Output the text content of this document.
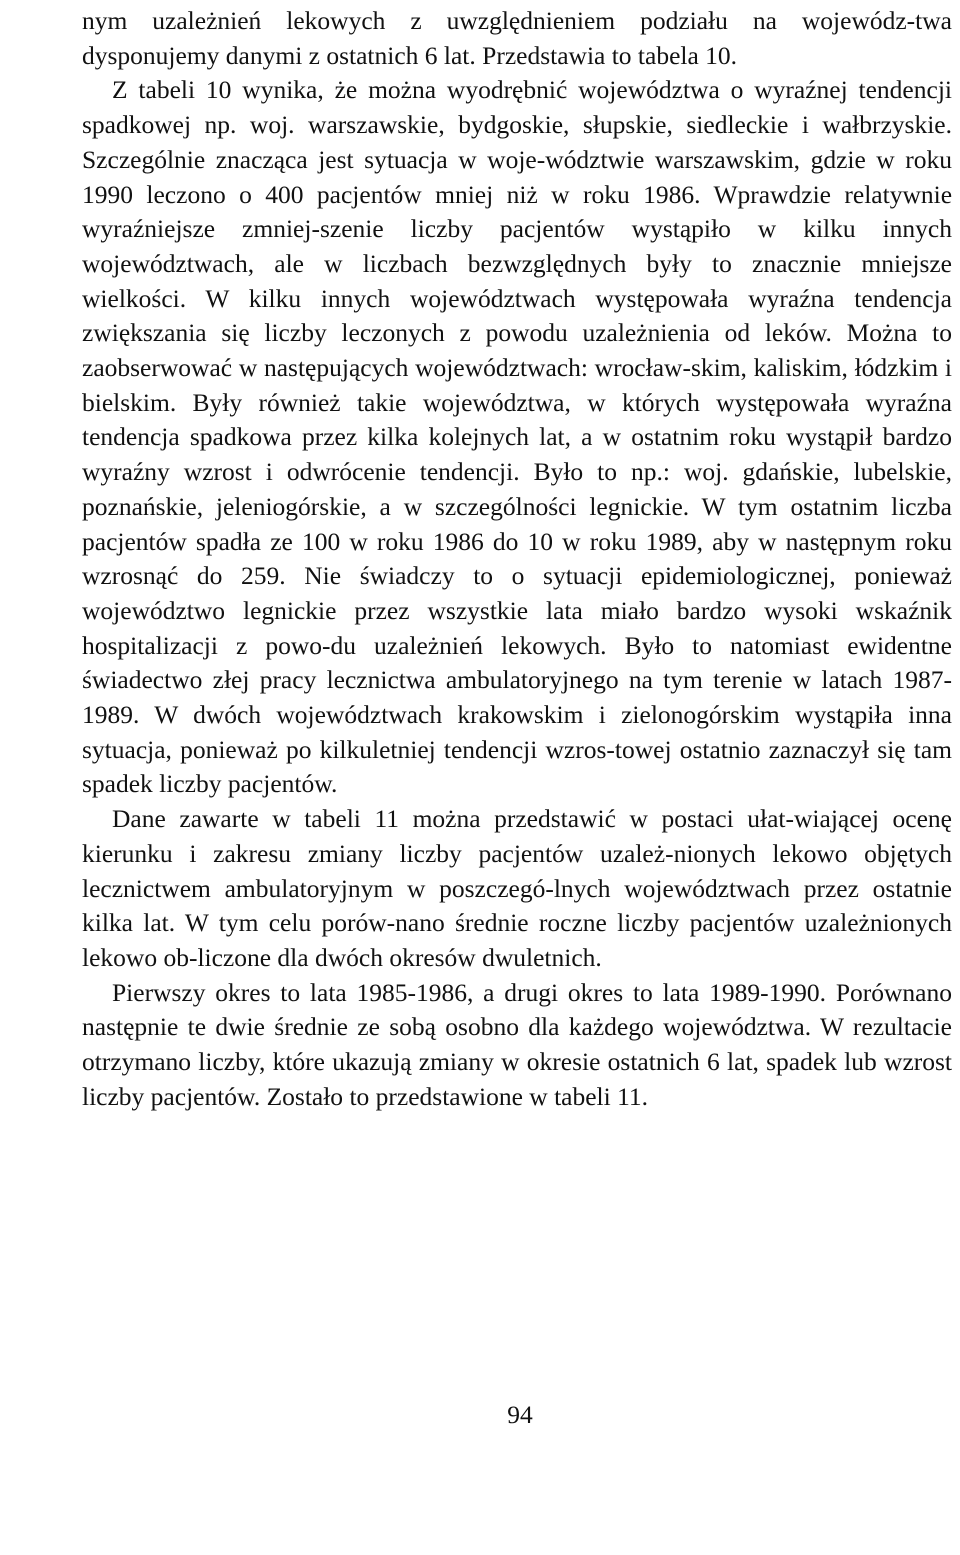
nym uzależnień lekowych z uwzględnieniem podziału na wojewódz-twa dysponujemy danymi z ostatnich 6 lat. Przedstawia to tabela 10.

Z tabeli 10 wynika, że można wyodrębnić województwa o wyraźnej tendencji spadkowej np. woj. warszawskie, bydgoskie, słupskie, siedleckie i wałbrzyskie. Szczególnie znacząca jest sytuacja w woje-wództwie warszawskim, gdzie w roku 1990 leczono o 400 pacjentów mniej niż w roku 1986. Wprawdzie relatywnie wyraźniejsze zmniej-szenie liczby pacjentów wystąpiło w kilku innych województwach, ale w liczbach bezwzględnych były to znacznie mniejsze wielkości. W kilku innych województwach występowała wyraźna tendencja zwiększania się liczby leczonych z powodu uzależnienia od leków. Można to zaobserwować w następujących województwach: wrocław-skim, kaliskim, łódzkim i bielskim. Były również takie województwa, w których występowała wyraźna tendencja spadkowa przez kilka kolejnych lat, a w ostatnim roku wystąpił bardzo wyraźny wzrost i odwrócenie tendencji. Było to np.: woj. gdańskie, lubelskie, poznańskie, jeleniogórskie, a w szczególności legnickie. W tym ostatnim liczba pacjentów spadła ze 100 w roku 1986 do 10 w roku 1989, aby w następnym roku wzrosnąć do 259. Nie świadczy to o sytuacji epidemiologicznej, ponieważ województwo legnickie przez wszystkie lata miało bardzo wysoki wskaźnik hospitalizacji z powo-du uzależnień lekowych. Było to natomiast ewidentne świadectwo złej pracy lecznictwa ambulatoryjnego na tym terenie w latach 1987-1989. W dwóch województwach krakowskim i zielonogórskim wystąpiła inna sytuacja, ponieważ po kilkuletniej tendencji wzros-towej ostatnio zaznaczył się tam spadek liczby pacjentów.

Dane zawarte w tabeli 11 można przedstawić w postaci ułat-wiającej ocenę kierunku i zakresu zmiany liczby pacjentów uzależ-nionych lekowo objętych lecznictwem ambulatoryjnym w poszczegó-lnych województwach przez ostatnie kilka lat. W tym celu porów-nano średnie roczne liczby pacjentów uzależnionych lekowo ob-liczone dla dwóch okresów dwuletnich.

Pierwszy okres to lata 1985-1986, a drugi okres to lata 1989-1990. Porównano następnie te dwie średnie ze sobą osobno dla każdego województwa. W rezultacie otrzymano liczby, które ukazują zmiany w okresie ostatnich 6 lat, spadek lub wzrost liczby pacjentów. Zostało to przedstawione w tabeli 11.

94
